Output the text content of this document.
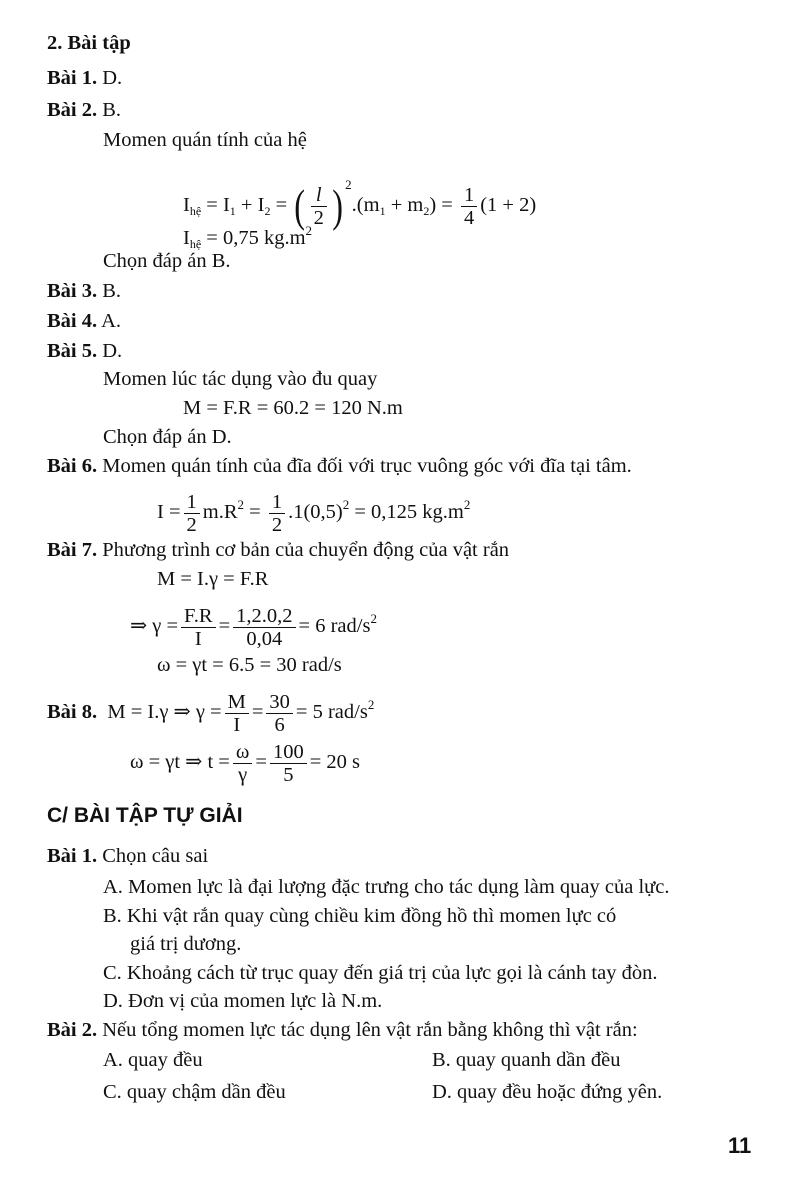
2. Bài tập
Bài 1. D.
Bài 2. B.
Momen quán tính của hệ
$I_{hệ} = I_1 + I_2$ = ( $\frac{l}{2}$ ) $^2.(m_1 + m_2) = \frac{1}{4} (1 + 2)$
$I_{hệ} = 0,75$ $kg.m^2$
Chọn đáp án B.
Bài 3. B.
Bài 4. A.
Bài 5. D.
Momen lúc tác dụng vào đu quay
M = F.R = 60.2 = 120 N.m
Chọn đáp án D.
Bài 6. Momen quán tính của đĩa đối với trục vuông góc với đĩa tại tâm.
$I = \frac{1}{2} m.R^2 = \frac{1}{2} .1(0,5)^2 = 0,125$ $kg.m^2$
Bài 7. Phương trình cơ bản của chuyển động của vật rắn
M = I.γ = F.R
⇒ $\gamma = \frac{F.R}{I} = \frac{1,2.0,2}{0,04} = 6$ rad/$s^2$
ω = γt = 6.5 = 30 rad/s
Bài 8. M = I.γ ⇒ $\gamma = \frac{M}{I} = \frac{30}{6} = 5$ rad/$s^2$
ω = γt ⇒ $t = \frac{\omega}{\gamma} = \frac{100}{5} = 20$ s
C/ BÀI TẬP TỰ GIẢI
Bài 1. Chọn câu sai
A. Momen lực là đại lượng đặc trưng cho tác dụng làm quay của lực.
B. Khi vật rắn quay cùng chiều kim đồng hồ thì momen lực có
giá trị dương.
C. Khoảng cách từ trục quay đến giá trị của lực gọi là cánh tay đòn.
D. Đơn vị của momen lực là N.m.
Bài 2. Nếu tổng momen lực tác dụng lên vật rắn bằng không thì vật rắn:
A. quay đều	B. quay quanh dần đều
C. quay chậm dần đều	D. quay đều hoặc đứng yên.
11
